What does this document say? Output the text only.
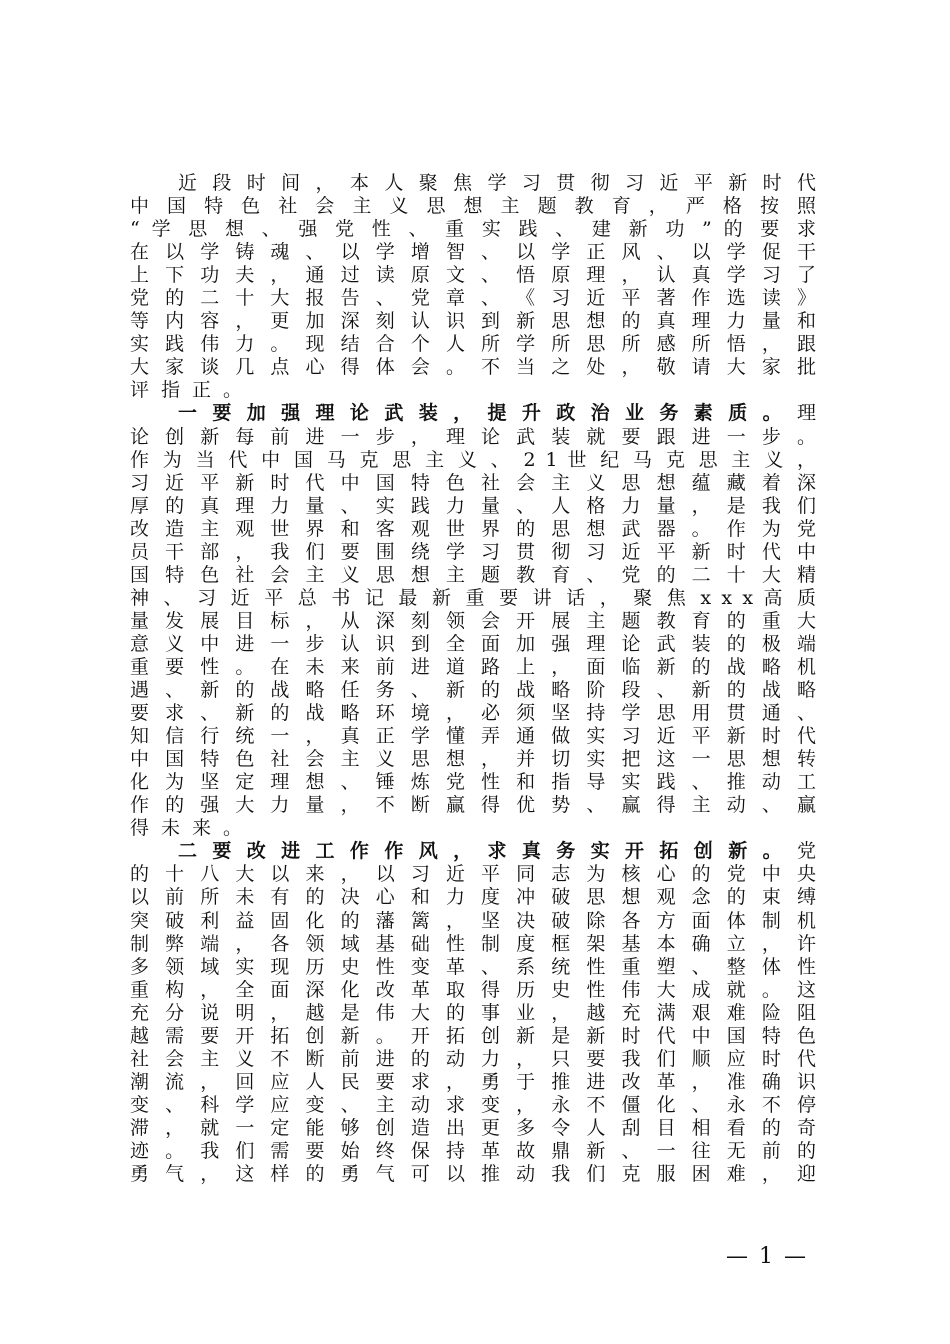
近 段 时 间 ， 本 人 聚 焦 学 习 贯 彻 习 近 平 新 时 代
中 国 特 色 社 会 主 义 思 想 主 题 教 育 ， 严 格 按 照
“ 学 思 想 、 强 党 性 、 重 实 践 、 建 新 功 ” 的 要 求
在 以 学 铸 魂 、 以 学 增 智 、 以 学 正 风 、 以 学 促 干
上 下 功 夫 ， 通 过 读 原 文 、 悟 原 理 ， 认 真 学 习 了
党 的 二 十 大 报 告 、 党 章 、 《 习 近 平 著 作 选 读 》
等 内 容 ， 更 加 深 刻 认 识 到 新 思 想 的 真 理 力 量 和
实 践 伟 力 。 现 结 合 个 人 所 学 所 思 所 感 所 悟 ， 跟
大 家 谈 几 点 心 得 体 会 。 不 当 之 处 ， 敬 请 大 家 批
评指正。
一 要 加 强 理 论 武 装 ， 提 升 政 治 业 务 素 质 。 理
论 创 新 每 前 进 一 步 ， 理 论 武 装 就 要 跟 进 一 步 。
作 为 当 代 中 国 马 克 思 主 义 、 2 1 世 纪 马 克 思 主 义 ，
习 近 平 新 时 代 中 国 特 色 社 会 主 义 思 想 蕴 藏 着 深
厚 的 真 理 力 量 、 实 践 力 量 、 人 格 力 量 ， 是 我 们
改 造 主 观 世 界 和 客 观 世 界 的 思 想 武 器 。 作 为 党
员 干 部 ， 我 们 要 围 绕 学 习 贯 彻 习 近 平 新 时 代 中
国 特 色 社 会 主 义 思 想 主 题 教 育 、 党 的 二 十 大 精
神 、 习 近 平 总 书 记 最 新 重 要 讲 话 ， 聚 焦 x x x 高 质
量 发 展 目 标 ， 从 深 刻 领 会 开 展 主 题 教 育 的 重 大
意 义 中 进 一 步 认 识 到 全 面 加 强 理 论 武 装 的 极 端
重 要 性 。 在 未 来 前 进 道 路 上 ， 面 临 新 的 战 略 机
遇 、 新 的 战 略 任 务 、 新 的 战 略 阶 段 、 新 的 战 略
要 求 、 新 的 战 略 环 境 ， 必 须 坚 持 学 思 用 贯 通 、
知 信 行 统 一 ， 真 正 学 懂 弄 通 做 实 习 近 平 新 时 代
中 国 特 色 社 会 主 义 思 想 ， 并 切 实 把 这 一 思 想 转
化 为 坚 定 理 想 、 锤 炼 党 性 和 指 导 实 践 、 推 动 工
作 的 强 大 力 量 ， 不 断 赢 得 优 势 、 赢 得 主 动 、 赢
得未来。
二 要 改 进 工 作 作 风 ， 求 真 务 实 开 拓 创 新 。 党
的 十 八 大 以 来 ， 以 习 近 平 同 志 为 核 心 的 党 中 央
以 前 所 未 有 的 决 心 和 力 度 冲 破 思 想 观 念 的 束 缚
突 破 利 益 固 化 的 藩 篱 ， 坚 决 破 除 各 方 面 体 制 机
制 弊 端 ， 各 领 域 基 础 性 制 度 框 架 基 本 确 立 ， 许
多 领 域 实 现 历 史 性 变 革 、 系 统 性 重 塑 、 整 体 性
重 构 ， 全 面 深 化 改 革 取 得 历 史 性 伟 大 成 就 。 这
充 分 说 明 ， 越 是 伟 大 的 事 业 ， 越 充 满 艰 难 险 阻
越 需 要 开 拓 创 新 。 开 拓 创 新 是 新 时 代 中 国 特 色
社 会 主 义 不 断 前 进 的 动 力 ， 只 要 我 们 顺 应 时 代
潮 流 ， 回 应 人 民 要 求 ， 勇 于 推 进 改 革 ， 准 确 识
变 、 科 学 应 变 、 主 动 求 变 ， 永 不 僵 化 、 永 不 停
滞 ， 就 一 定 能 够 创 造 出 更 多 令 人 刮 目 相 看 的 奇
迹 。 我 们 需 要 始 终 保 持 革 故 鼎 新 、 一 往 无 前 的
勇 气 ， 这 样 的 勇 气 可 以 推 动 我 们 克 服 困 难 ， 迎
— 1 —
